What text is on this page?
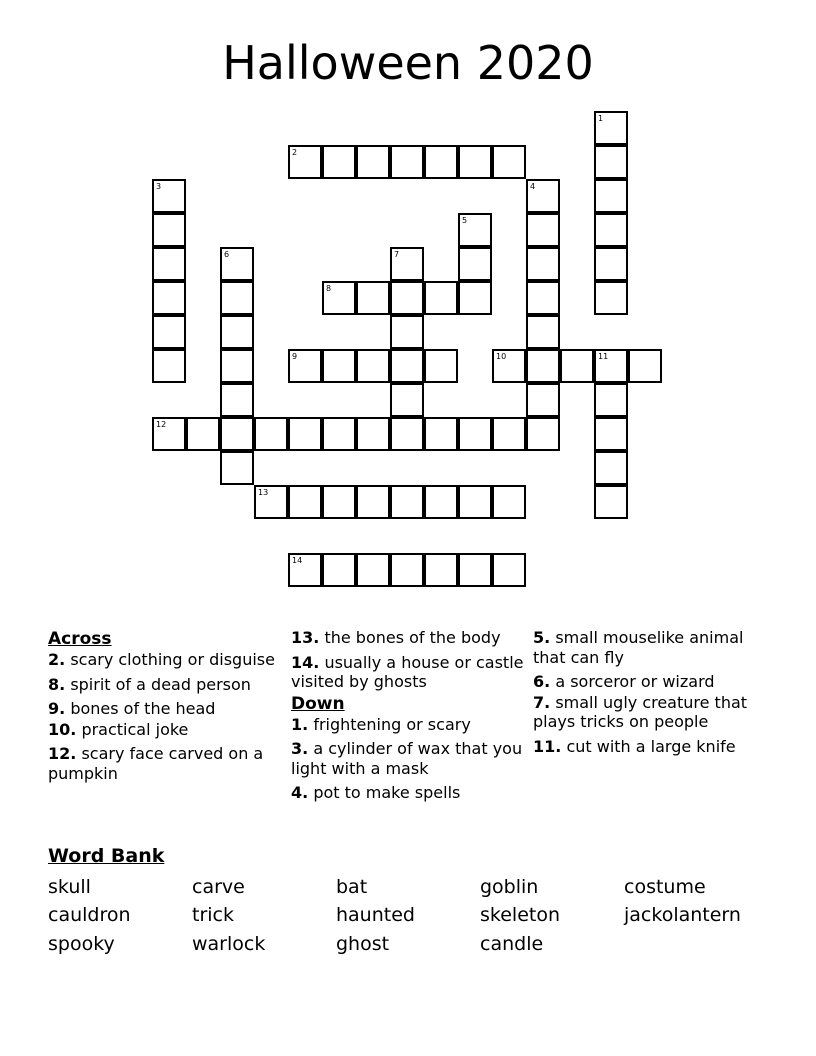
Halloween 2020
1
2
3	4
5
6	7
8
9	10	11
12
13
14
Across
2. scary clothing or disguise
8. spirit of a dead person
9. bones of the head
10. practical joke
12. scary face carved on a pumpkin
13. the bones of the body
14. usually a house or castle visited by ghosts
Down
1. frightening or scary
3. a cylinder of wax that you light with a mask
4. pot to make spells
5. small mouselike animal that can fly
6. a sorceror or wizard
7. small ugly creature that plays tricks on people
11. cut with a large knife
Word Bank
skull	carve	bat	goblin	costume
cauldron	trick	haunted	skeleton	jackolantern
spooky	warlock	ghost	candle
